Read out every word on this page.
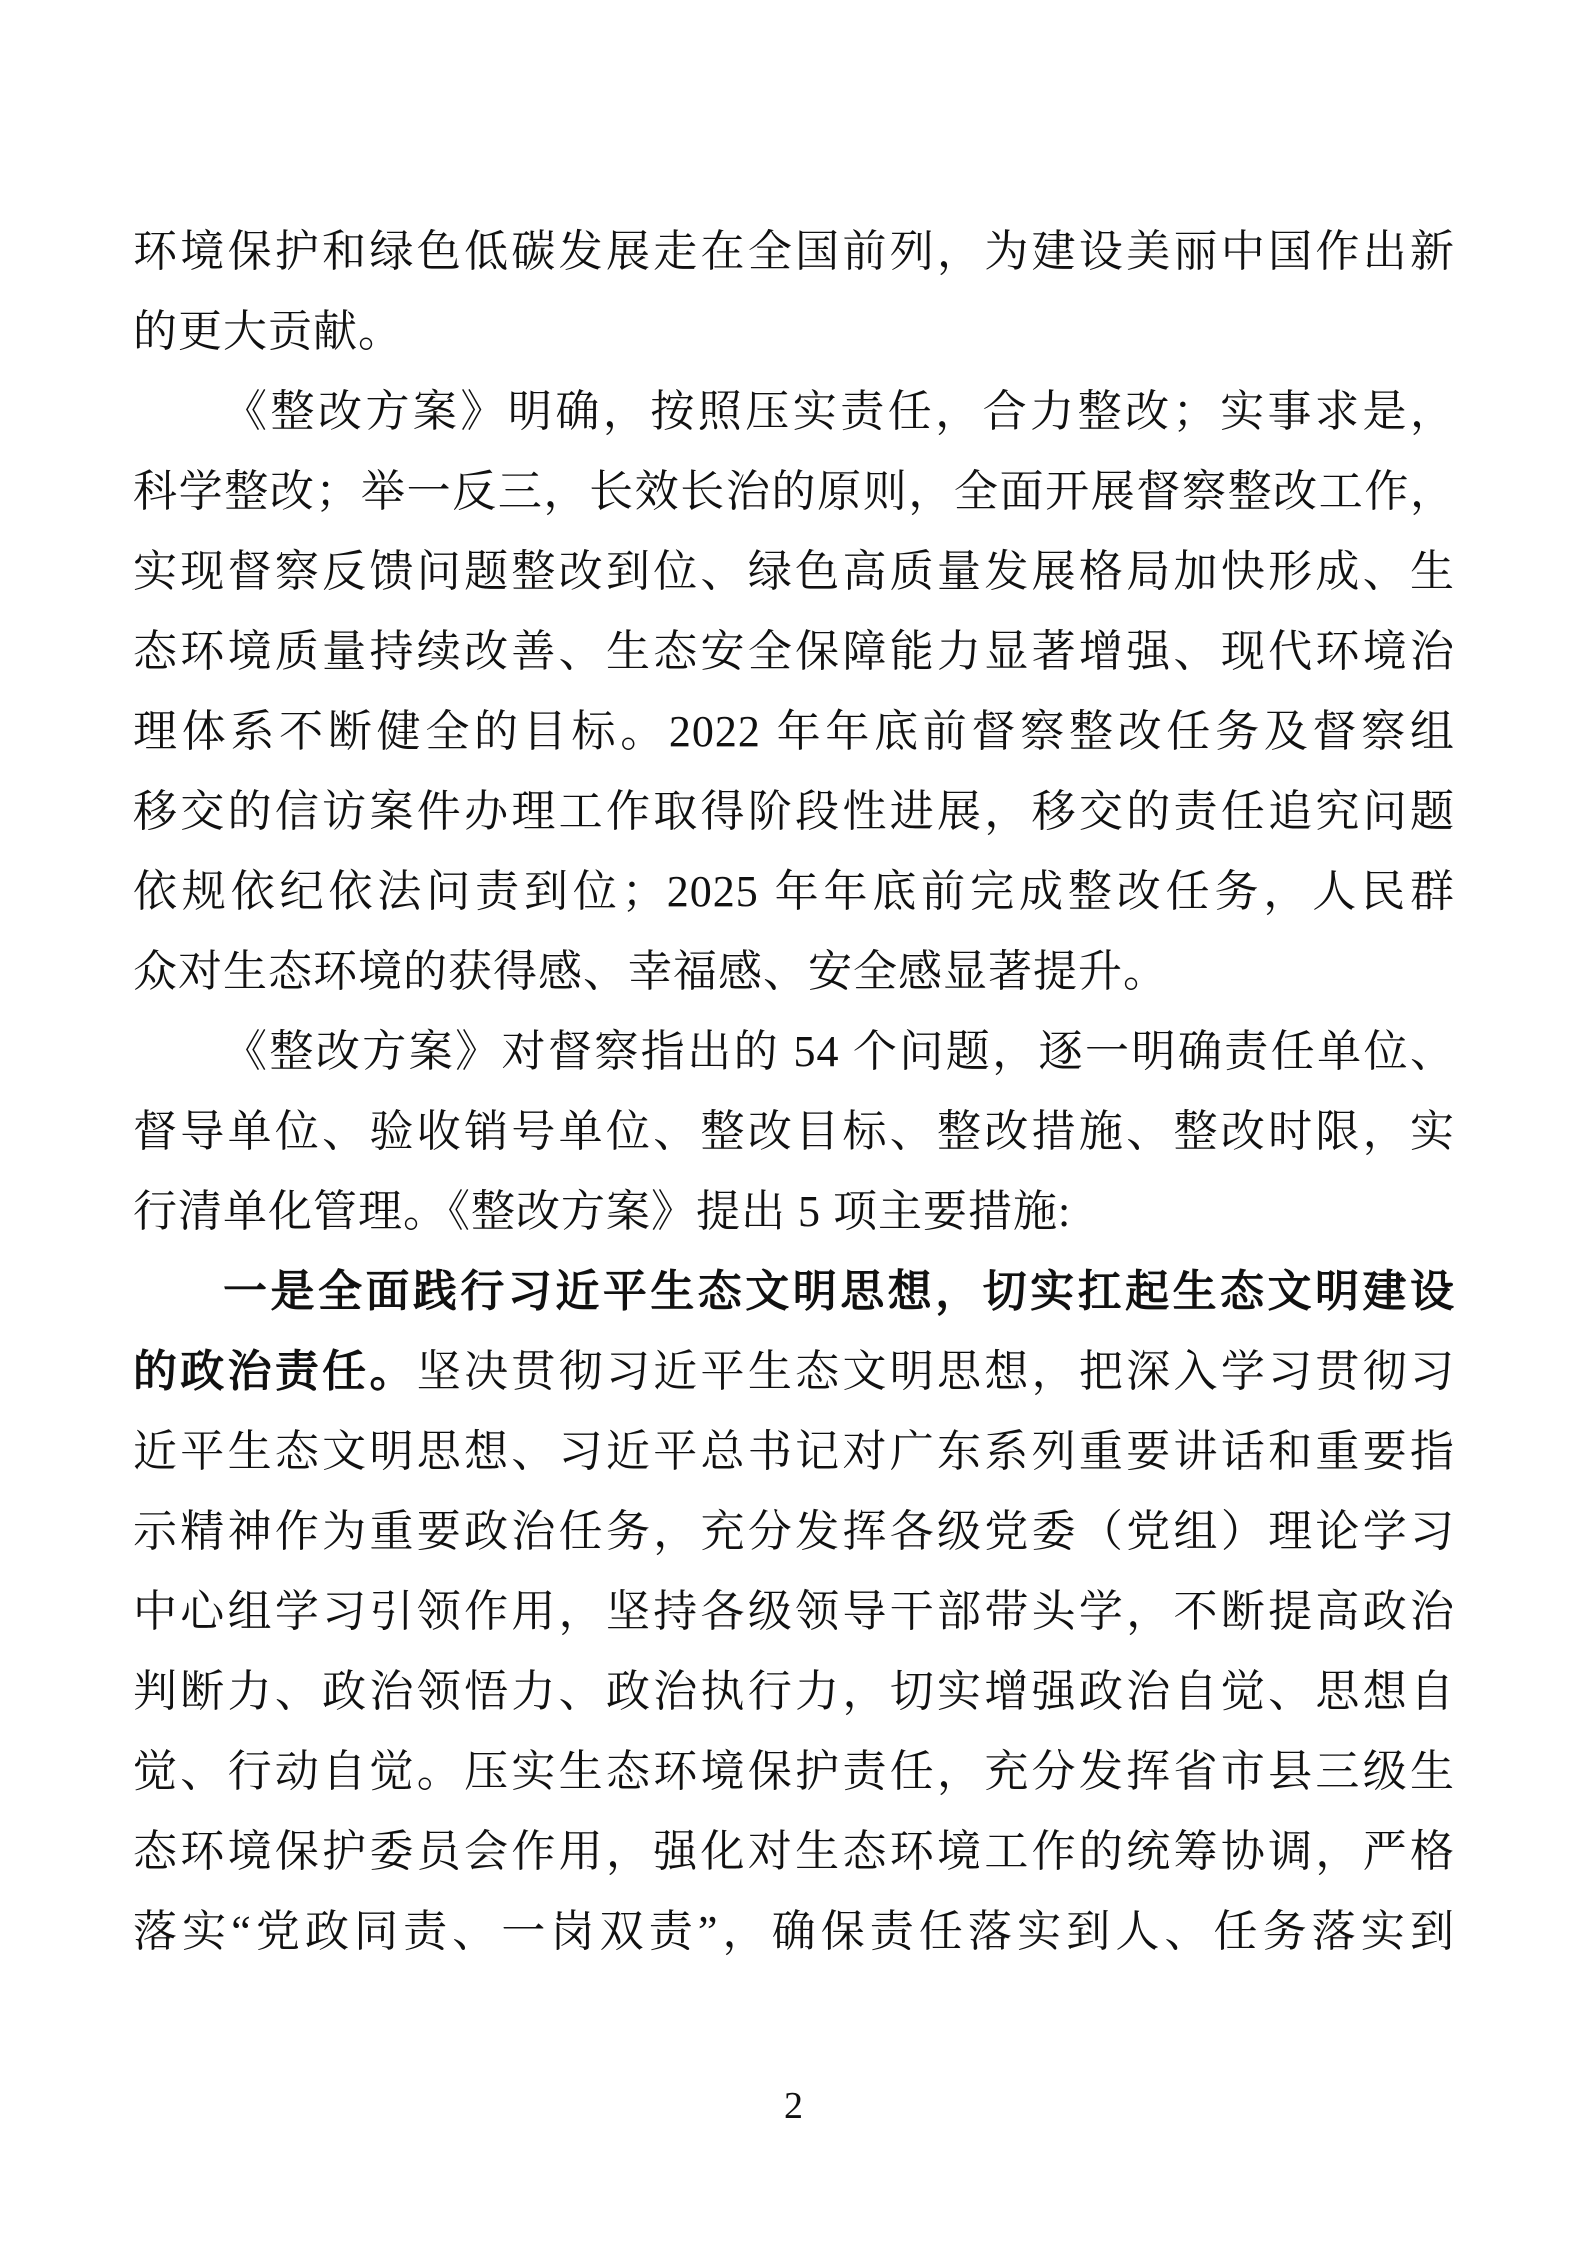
环境保护和绿色低碳发展走在全国前列，为建设美丽中国作出新
的更大贡献。
《整改方案》明确，按照压实责任，合力整改；实事求是，
科学整改；举一反三，长效长治的原则，全面开展督察整改工作，
实现督察反馈问题整改到位、绿色高质量发展格局加快形成、生
态环境质量持续改善、生态安全保障能力显著增强、现代环境治
理体系不断健全的目标。2022 年年底前督察整改任务及督察组
移交的信访案件办理工作取得阶段性进展，移交的责任追究问题
依规依纪依法问责到位；2025 年年底前完成整改任务，人民群
众对生态环境的获得感、幸福感、安全感显著提升。
《整改方案》对督察指出的 54 个问题，逐一明确责任单位、
督导单位、验收销号单位、整改目标、整改措施、整改时限，实
行清单化管理。《整改方案》提出 5 项主要措施:
一是全面践行习近平生态文明思想，切实扛起生态文明建设
的政治责任。坚决贯彻习近平生态文明思想，把深入学习贯彻习
近平生态文明思想、习近平总书记对广东系列重要讲话和重要指
示精神作为重要政治任务，充分发挥各级党委（党组）理论学习
中心组学习引领作用，坚持各级领导干部带头学，不断提高政治
判断力、政治领悟力、政治执行力，切实增强政治自觉、思想自
觉、行动自觉。压实生态环境保护责任，充分发挥省市县三级生
态环境保护委员会作用，强化对生态环境工作的统筹协调，严格
落实“党政同责、一岗双责”，确保责任落实到人、任务落实到
2
